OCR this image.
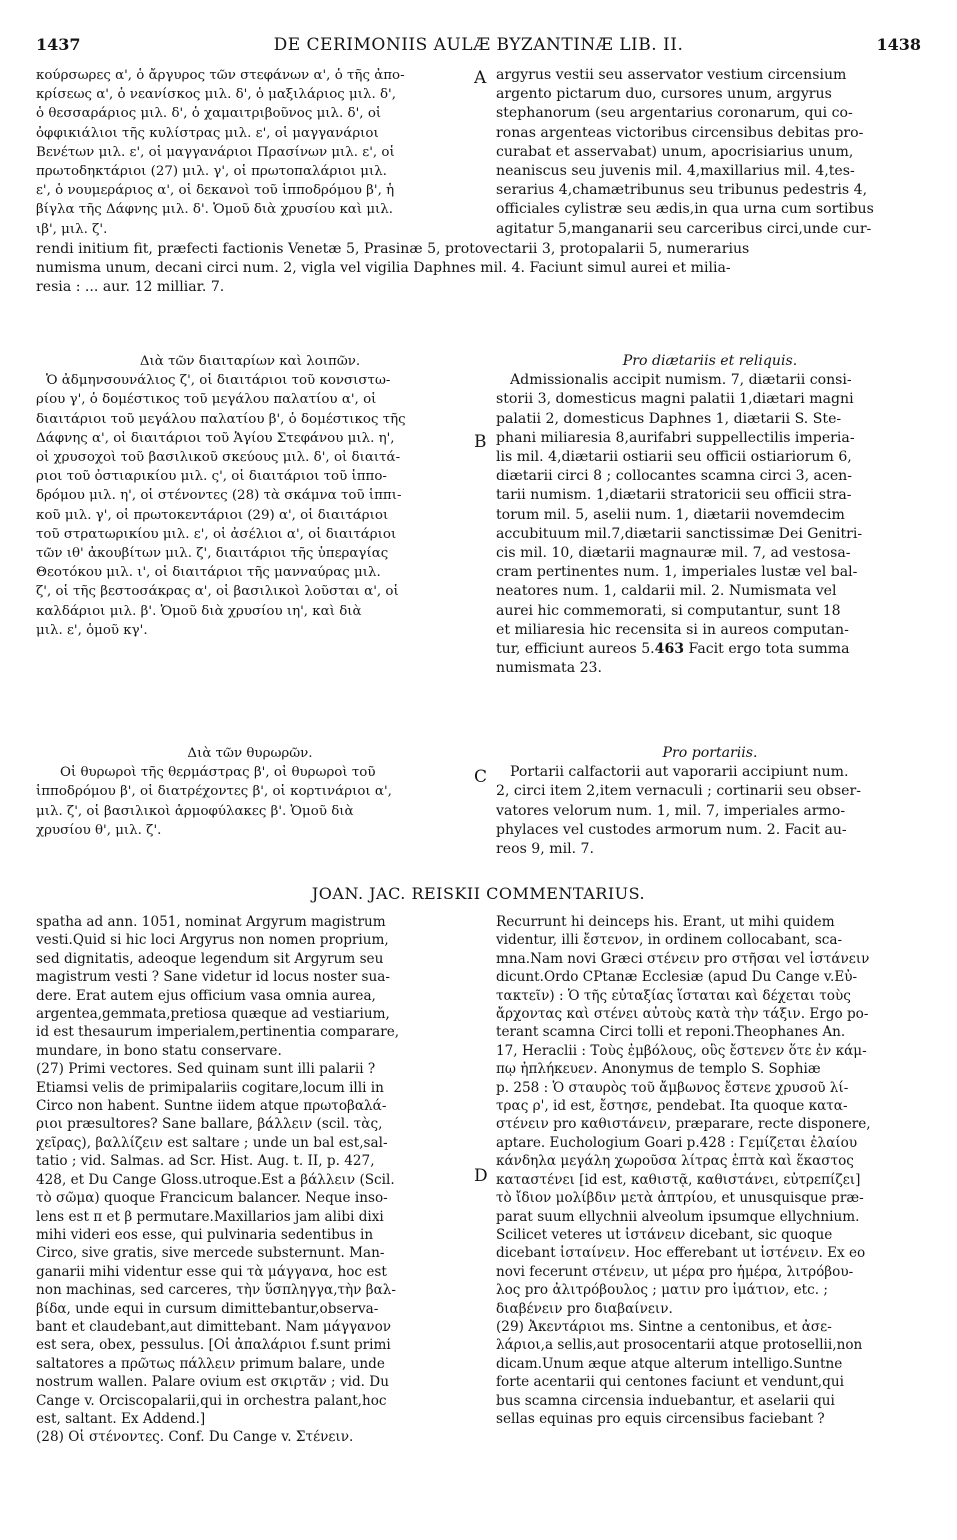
1437	DE CERIMONIIS AULÆ BYZANTINÆ LIB. II.	1438
κούρσωρες α', ὁ ἄργυρος τῶν στεφάνων α', ὁ τῆς ἀπο-
κρίσεως α', ὁ νεανίσκος μιλ. δ', ὁ μαξιλάριος μιλ. δ',
ὁ θεσσαράριος μιλ. δ', ὁ χαμαιτριβοῦνος μιλ. δ', οἱ
ὀφφικιάλιοι τῆς κυλίστρας μιλ. ε', οἱ μαγγανάριοι
Βενέτων μιλ. ε', οἱ μαγγανάριοι Πρασίνων μιλ. ε', οἱ
πρωτοδηκτάριοι (27) μιλ. γ', οἱ πρωτοπαλάριοι μιλ.
ε', ὁ νουμεράριος α', οἱ δεκανοὶ τοῦ ἱπποδρόμου β', ἡ
βίγλα τῆς Δάφνης μιλ. δ'. Ὁμοῦ διὰ χρυσίου καὶ μιλ.
ιβ', μιλ. ζ'.
A argyrus vestii seu asservator vestium circensium
argento pictarum duo, cursores unum, argyrus
stephanorum (seu argentarius coronarum, qui co-
ronas argenteas victoribus circensibus debitas pro-
curabat et asservabat) unum, apocrisiarius unum,
neaniscus seu juvenis mil. 4,maxillarius mil. 4,tes-
serarius 4,chamætribunus seu tribunus pedestris 4,
officiales cylistræ seu ædis,in qua urna cum sortibus
agitatur 5,manganarii seu carceribus circi,unde cur-
rendi initium fit, præfecti factionis Venetæ 5, Prasinæ 5, protovectarii 3, protopalarii 5, numerarius
numisma unum, decani circi num. 2, vigla vel vigilia Daphnes mil. 4. Faciunt simul aurei et milia-
resia : ... aur. 12 milliar. 7.
Διὰ τῶν διαιταρίων καὶ λοιπῶν.
Ὁ ἀδμηνσουνάλιος ζ', οἱ διαιτάριοι τοῦ κονσιστω-
ρίου γ', ὁ δομέστικος τοῦ μεγάλου παλατίου α', οἱ
διαιτάριοι τοῦ μεγάλου παλατίου β', ὁ δομέστικος τῆς
Δάφνης α', οἱ διαιτάριοι τοῦ Ἁγίου Στεφάνου μιλ. η',
οἱ χρυσοχοὶ τοῦ βασιλικοῦ σκεύους μιλ. δ', οἱ διαιτά-
ριοι τοῦ ὀστιαρικίου μιλ. ς', οἱ διαιτάριοι τοῦ ἱππο-
δρόμου μιλ. η', οἱ στένοντες (28) τὰ σκάμνα τοῦ ἱππι-
κοῦ μιλ. γ', οἱ πρωτοκεντάριοι (29) α', οἱ διαιτάριοι
τοῦ στρατωρικίου μιλ. ε', οἱ ἀσέλιοι α', οἱ διαιτάριοι
τῶν ιθ' ἀκουβίτων μιλ. ζ', διαιτάριοι τῆς ὑπεραγίας
Θεοτόκου μιλ. ι', οἱ διαιτάριοι τῆς μανναύρας μιλ.
ζ', οἱ τῆς βεστοσάκρας α', οἱ βασιλικοὶ λοῦσται α', οἱ
καλδάριοι μιλ. β'. Ὁμοῦ διὰ χρυσίου ιη', καὶ διὰ
μιλ. ε', ὁμοῦ κγ'.
B
Pro diætariis et reliquis.
Admissionalis accipit numism. 7, diætarii consi-
storii 3, domesticus magni palatii 1,diætari magni
palatii 2, domesticus Daphnes 1, diætarii S. Ste-
phani miliaresia 8,aurifabri suppellectilis imperia-
lis mil. 4,diætarii ostiarii seu officii ostiariorum 6,
diætarii circi 8 ; collocantes scamna circi 3, acen-
tarii numism. 1,diætarii stratoricii seu officii stra-
torum mil. 5, aselii num. 1, diætarii novemdecim
accubituum mil.7,diætarii sanctissimæ Dei Genitri-
cis mil. 10, diætarii magnauræ mil. 7, ad vestosa-
cram pertinentes num. 1, imperiales lustæ vel bal-
neatores num. 1, caldarii mil. 2. Numismata vel
aurei hic commemorati, si computantur, sunt 18
et miliaresia hic recensita si in aureos computan-
tur, efficiunt aureos 5.463 Facit ergo tota summa
numismata 23.
Διὰ τῶν θυρωρῶν.
Οἱ θυρωροὶ τῆς θερμάστρας β', οἱ θυρωροὶ τοῦ
ἱπποδρόμου β', οἱ διατρέχοντες β', οἱ κορτινάριοι α',
μιλ. ζ', οἱ βασιλικοὶ ἁρμοφύλακες β'. Ὁμοῦ διὰ
χρυσίου θ', μιλ. ζ'.
C
Pro portariis.
Portarii calfactorii aut vaporarii accipiunt num.
2, circi item 2,item vernaculi ; cortinarii seu obser-
vatores velorum num. 1, mil. 7, imperiales armo-
phylaces vel custodes armorum num. 2. Facit au-
reos 9, mil. 7.
JOAN. JAC. REISKII COMMENTARIUS.
spatha ad ann. 1051, nominat Argyrum magistrum
vesti.Quid si hic loci Argyrus non nomen proprium,
sed dignitatis, adeoque legendum sit Argyrum seu
magistrum vesti ? Sane videtur id locus noster sua-
dere. Erat autem ejus officium vasa omnia aurea,
argentea,gemmata,pretiosa quæque ad vestiarium,
id est thesaurum imperialem,pertinentia comparare,
mundare, in bono statu conservare.
(27) Primi vectores. Sed quinam sunt illi palarii ?
Etiamsi velis de primipalariis cogitare,locum illi in
Circo non habent. Suntne iidem atque πρωτοβαλά-
ριοι præsultores? Sane ballare, βάλλειν (scil. τὰς,
χεῖρας), βαλλίζειν est saltare ; unde un bal est,sal-
tatio ; vid. Salmas. ad Scr. Hist. Aug. t. II, p. 427,
428, et Du Cange Gloss.utroque.Est a βάλλειν (Scil.
τὸ σῶμα) quoque Francicum balancer. Neque inso-
lens est π et β permutare.Maxillarios jam alibi dixi
mihi videri eos esse, qui pulvinaria sedentibus in
Circo, sive gratis, sive mercede substernunt. Man-
ganarii mihi videntur esse qui τὰ μάγγανα, hoc est
non machinas, sed carceres, τὴν ὕσπληγγα,τὴν βαλ-
βίδα, unde equi in cursum dimittebantur,observa-
bant et claudebant,aut dimittebant. Nam μάγγανον
est sera, obex, pessulus. [Οἱ ἀπαλάριοι f.sunt primi
saltatores a πρῶτως πάλλειν primum balare, unde
nostrum wallen. Palare ovium est σκιρτᾶν ; vid. Du
Cange v. Orciscopalarii,qui in orchestra palant,hoc
est, saltant. Ex Addend.]
(28) Οἱ στένοντες. Conf. Du Cange v. Στένειν.
D
Recurrunt hi deinceps his. Erant, ut mihi quidem
videntur, illi ἔστενον, in ordinem collocabant, sca-
mna.Nam novi Græci στένειν pro στῆσαι vel ἱστάνειν
dicunt.Ordo CPtanæ Ecclesiæ (apud Du Cange v.Εὐ-
τακτεῖν) : Ὁ τῆς εὐταξίας ἵσταται καὶ δέχεται τοὺς
ἄρχοντας καὶ στένει αὐτοὺς κατὰ τὴν τάξιν. Ergo po-
terant scamna Circi tolli et reponi.Theophanes An.
17, Heraclii : Τοὺς ἐμβόλους, οὓς ἔστενεν ὅτε ἐν κάμ-
πῳ ἠπλήκευεν. Anonymus de templo S. Sophiæ
p. 258 : Ὁ σταυρὸς τοῦ ἄμβωνος ἔστενε χρυσοῦ λί-
τρας ρ', id est, ἔστησε, pendebat. Ita quoque κατα-
στένειν pro καθιστάνειν, præparare, recte disponere,
aptare. Euchologium Goari p.428 : Γεμίζεται ἐλαίου
κάνδηλα μεγάλη χωροῦσα λίτρας ἑπτὰ καὶ ἕκαστος
καταστένει [id est, καθιστᾷ, καθιστάνει, εὐτρεπίζει]
τὸ ἴδιον μολίβδιν μετὰ ἀπτρίου, et unusquisque præ-
parat suum ellychnii alveolum ipsumque ellychnium.
Scilicet veteres ut ἱστάνειν dicebant, sic quoque
dicebant ἱσταίνειν. Hoc efferebant ut ἱστένειν. Ex eo
novi fecerunt στένειν, ut μέρα pro ἡμέρα, λιτρόβου-
λος pro ἀλιτρόβουλος ; ματιν pro ἱμάτιον, etc. ;
διαβένειν pro διαβαίνειν.
(29) Ἀκεντάριοι ms. Sintne a centonibus, et ἀσε-
λάριοι,a sellis,aut prosocentarii atque protosellii,non
dicam.Unum æque atque alterum intelligo.Suntne
forte acentarii qui centones faciunt et vendunt,qui
bus scamna circensia induebantur, et aselarii qui
sellas equinas pro equis circensibus faciebant ?
